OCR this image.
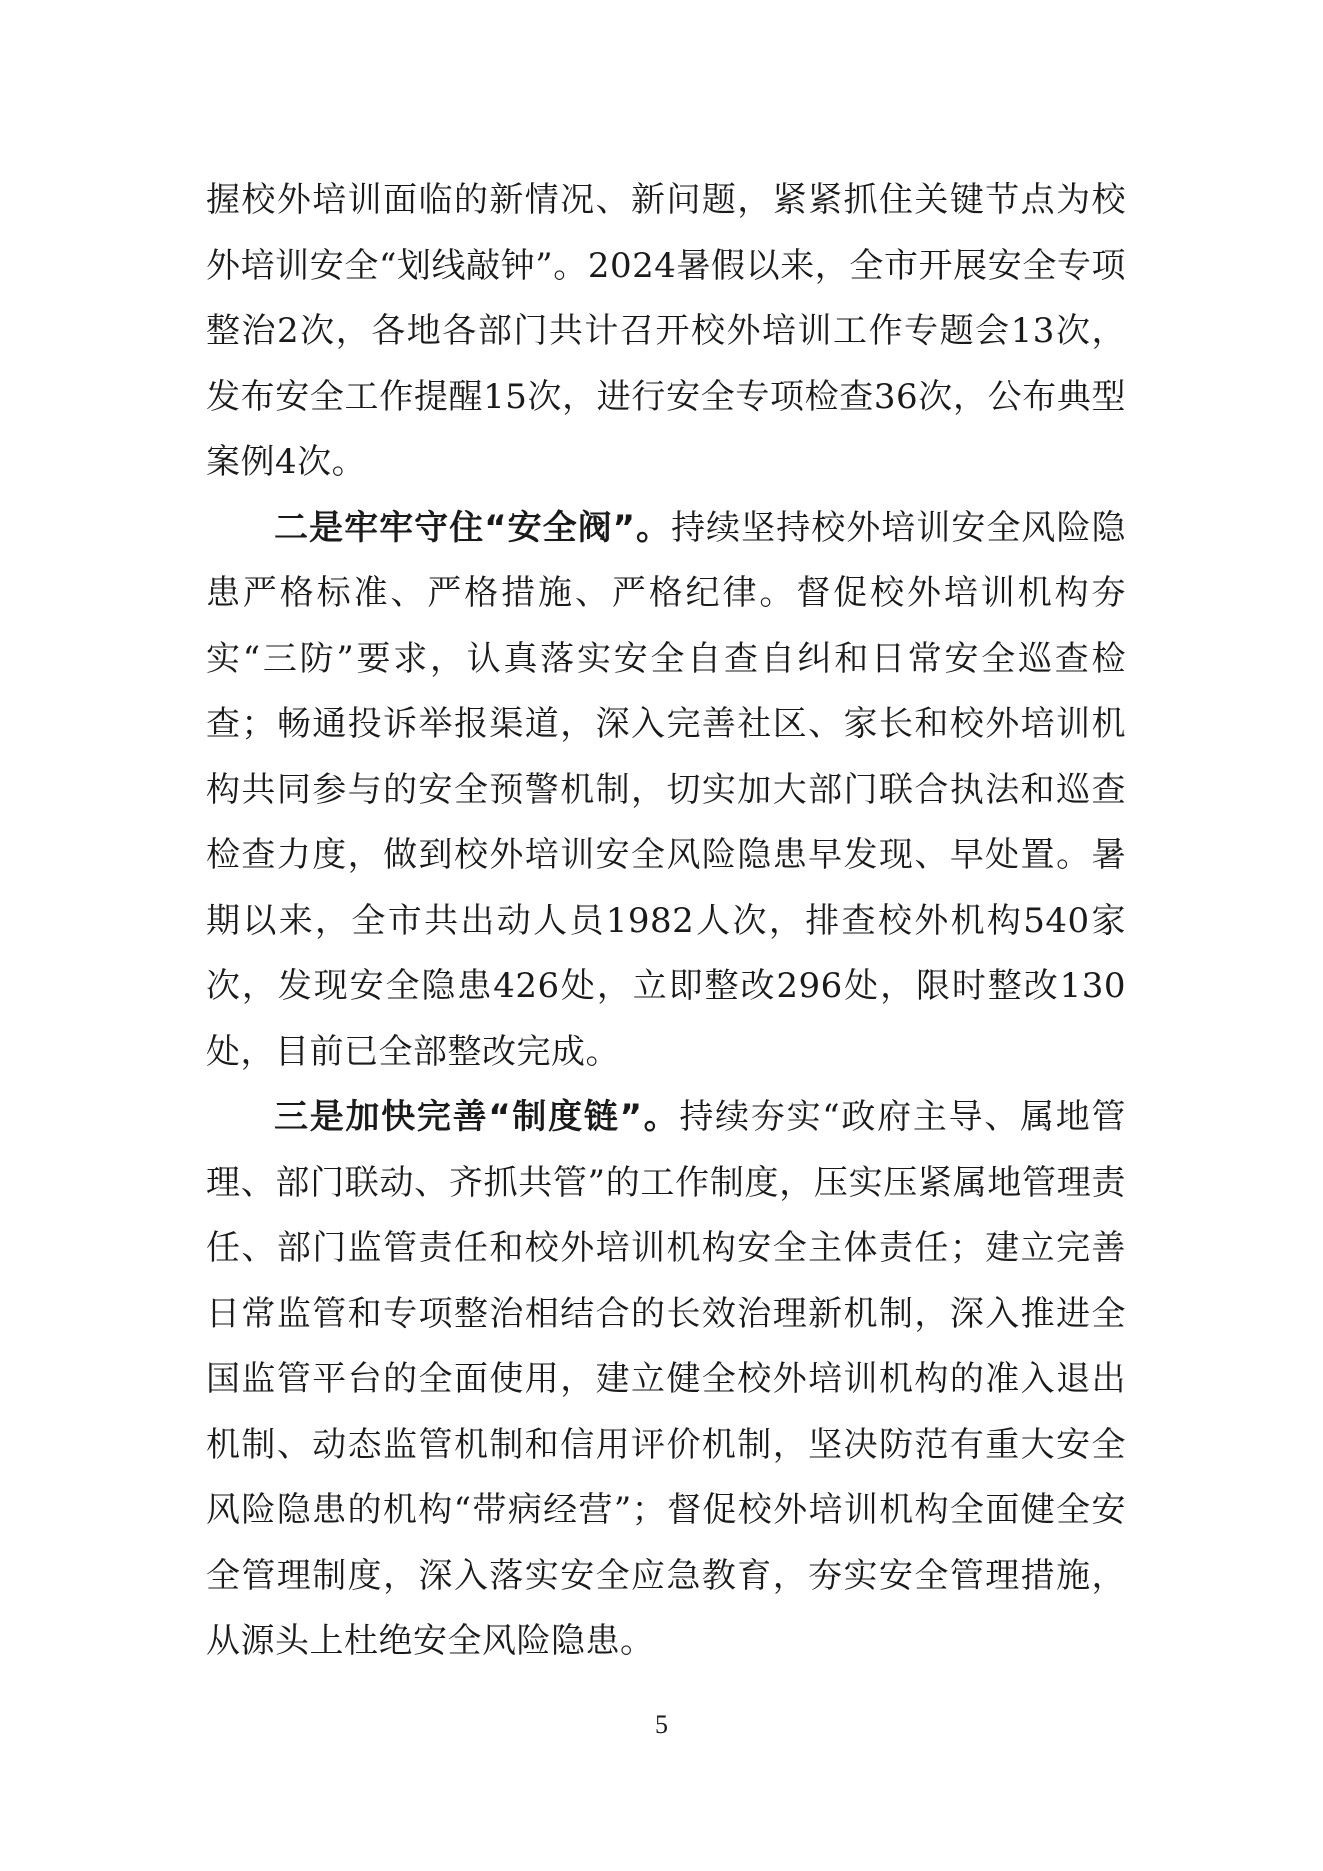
握校外培训面临的新情况、新问题，紧紧抓住关键节点为校外培训安全“划线敲钟”。2024暑假以来，全市开展安全专项整治2次，各地各部门共计召开校外培训工作专题会13次，发布安全工作提醒15次，进行安全专项检查36次，公布典型案例4次。

二是牢牢守住“安全阀”。持续坚持校外培训安全风险隐患严格标准、严格措施、严格纪律。督促校外培训机构夯实“三防”要求，认真落实安全自查自纠和日常安全巡查检查；畅通投诉举报渠道，深入完善社区、家长和校外培训机构共同参与的安全预警机制，切实加大部门联合执法和巡查检查力度，做到校外培训安全风险隐患早发现、早处置。暑期以来，全市共出动人员1982人次，排查校外机构540家次，发现安全隐患426处，立即整改296处，限时整改130处，目前已全部整改完成。

三是加快完善“制度链”。持续夯实“政府主导、属地管理、部门联动、齐抓共管”的工作制度，压实压紧属地管理责任、部门监管责任和校外培训机构安全主体责任；建立完善日常监管和专项整治相结合的长效治理新机制，深入推进全国监管平台的全面使用，建立健全校外培训机构的准入退出机制、动态监管机制和信用评价机制，坚决防范有重大安全风险隐患的机构“带病经营”；督促校外培训机构全面健全安全管理制度，深入落实安全应急教育，夯实安全管理措施，从源头上杜绝安全风险隐患。

5
